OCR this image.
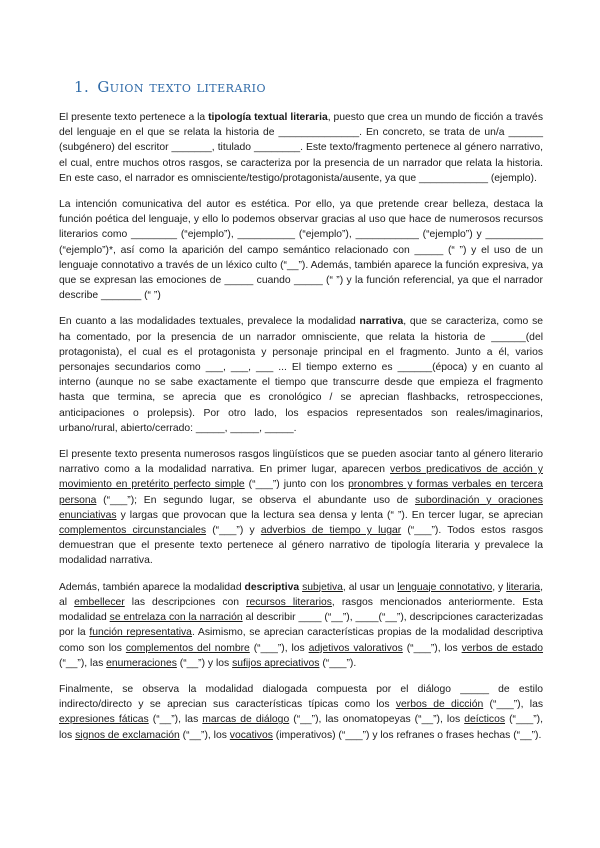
1. Guion texto literario

El presente texto pertenece a la tipología textual literaria, puesto que crea un mundo de ficción a través del lenguaje en el que se relata la historia de ______________. En concreto, se trata de un/a ______ (subgénero) del escritor _______, titulado ________. Este texto/fragmento pertenece al género narrativo, el cual, entre muchos otros rasgos, se caracteriza por la presencia de un narrador que relata la historia. En este caso, el narrador es omnisciente/testigo/protagonista/ausente, ya que ____________ (ejemplo).

La intención comunicativa del autor es estética. Por ello, ya que pretende crear belleza, destaca la función poética del lenguaje, y ello lo podemos observar gracias al uso que hace de numerosos recursos literarios como ________ (“ejemplo”), __________ (“ejemplo”), ___________ (“ejemplo”) y __________ (“ejemplo”)*, así como la aparición del campo semántico relacionado con _____ (“ ”) y el uso de un lenguaje connotativo a través de un léxico culto (“__”). Además, también aparece la función expresiva, ya que se expresan las emociones de _____ cuando _____ (“ ”) y la función referencial, ya que el narrador describe _______ (“ ”)

En cuanto a las modalidades textuales, prevalece la modalidad narrativa, que se caracteriza, como se ha comentado, por la presencia de un narrador omnisciente, que relata la historia de ______(del protagonista), el cual es el protagonista y personaje principal en el fragmento. Junto a él, varios personajes secundarios como ___, ___, ___ ... El tiempo externo es ______(época) y en cuanto al interno (aunque no se sabe exactamente el tiempo que transcurre desde que empieza el fragmento hasta que termina, se aprecia que es cronológico / se aprecian flashbacks, retrospecciones, anticipaciones o prolepsis). Por otro lado, los espacios representados son reales/imaginarios, urbano/rural, abierto/cerrado: _____, _____, _____.

El presente texto presenta numerosos rasgos lingüísticos que se pueden asociar tanto al género literario narrativo como a la modalidad narrativa. En primer lugar, aparecen verbos predicativos de acción y movimiento en pretérito perfecto simple (“___”) junto con los pronombres y formas verbales en tercera persona (“___”); En segundo lugar, se observa el abundante uso de subordinación y oraciones enunciativas y largas que provocan que la lectura sea densa y lenta (“ ”). En tercer lugar, se aprecian complementos circunstanciales (“___”) y adverbios de tiempo y lugar (“___”). Todos estos rasgos demuestran que el presente texto pertenece al género narrativo de tipología literaria y prevalece la modalidad narrativa.

Además, también aparece la modalidad descriptiva subjetiva, al usar un lenguaje connotativo, y literaria, al embellecer las descripciones con recursos literarios, rasgos mencionados anteriormente. Esta modalidad se entrelaza con la narración al describir ____ (“__”), ____(“__”), descripciones caracterizadas por la función representativa. Asimismo, se aprecian características propias de la modalidad descriptiva como son los complementos del nombre (“___”), los adjetivos valorativos (“___”), los verbos de estado (“__”), las enumeraciones (“__”) y los sufijos apreciativos (“___”).

Finalmente, se observa la modalidad dialogada compuesta por el diálogo _____ de estilo indirecto/directo y se aprecian sus características típicas como los verbos de dicción (“___”), las expresiones fáticas (“__”), las marcas de diálogo (“__”), las onomatopeyas (“__”), los deícticos (“___”), los signos de exclamación (“__”), los vocativos (imperativos) (“___”) y los refranes o frases hechas (“__”).
